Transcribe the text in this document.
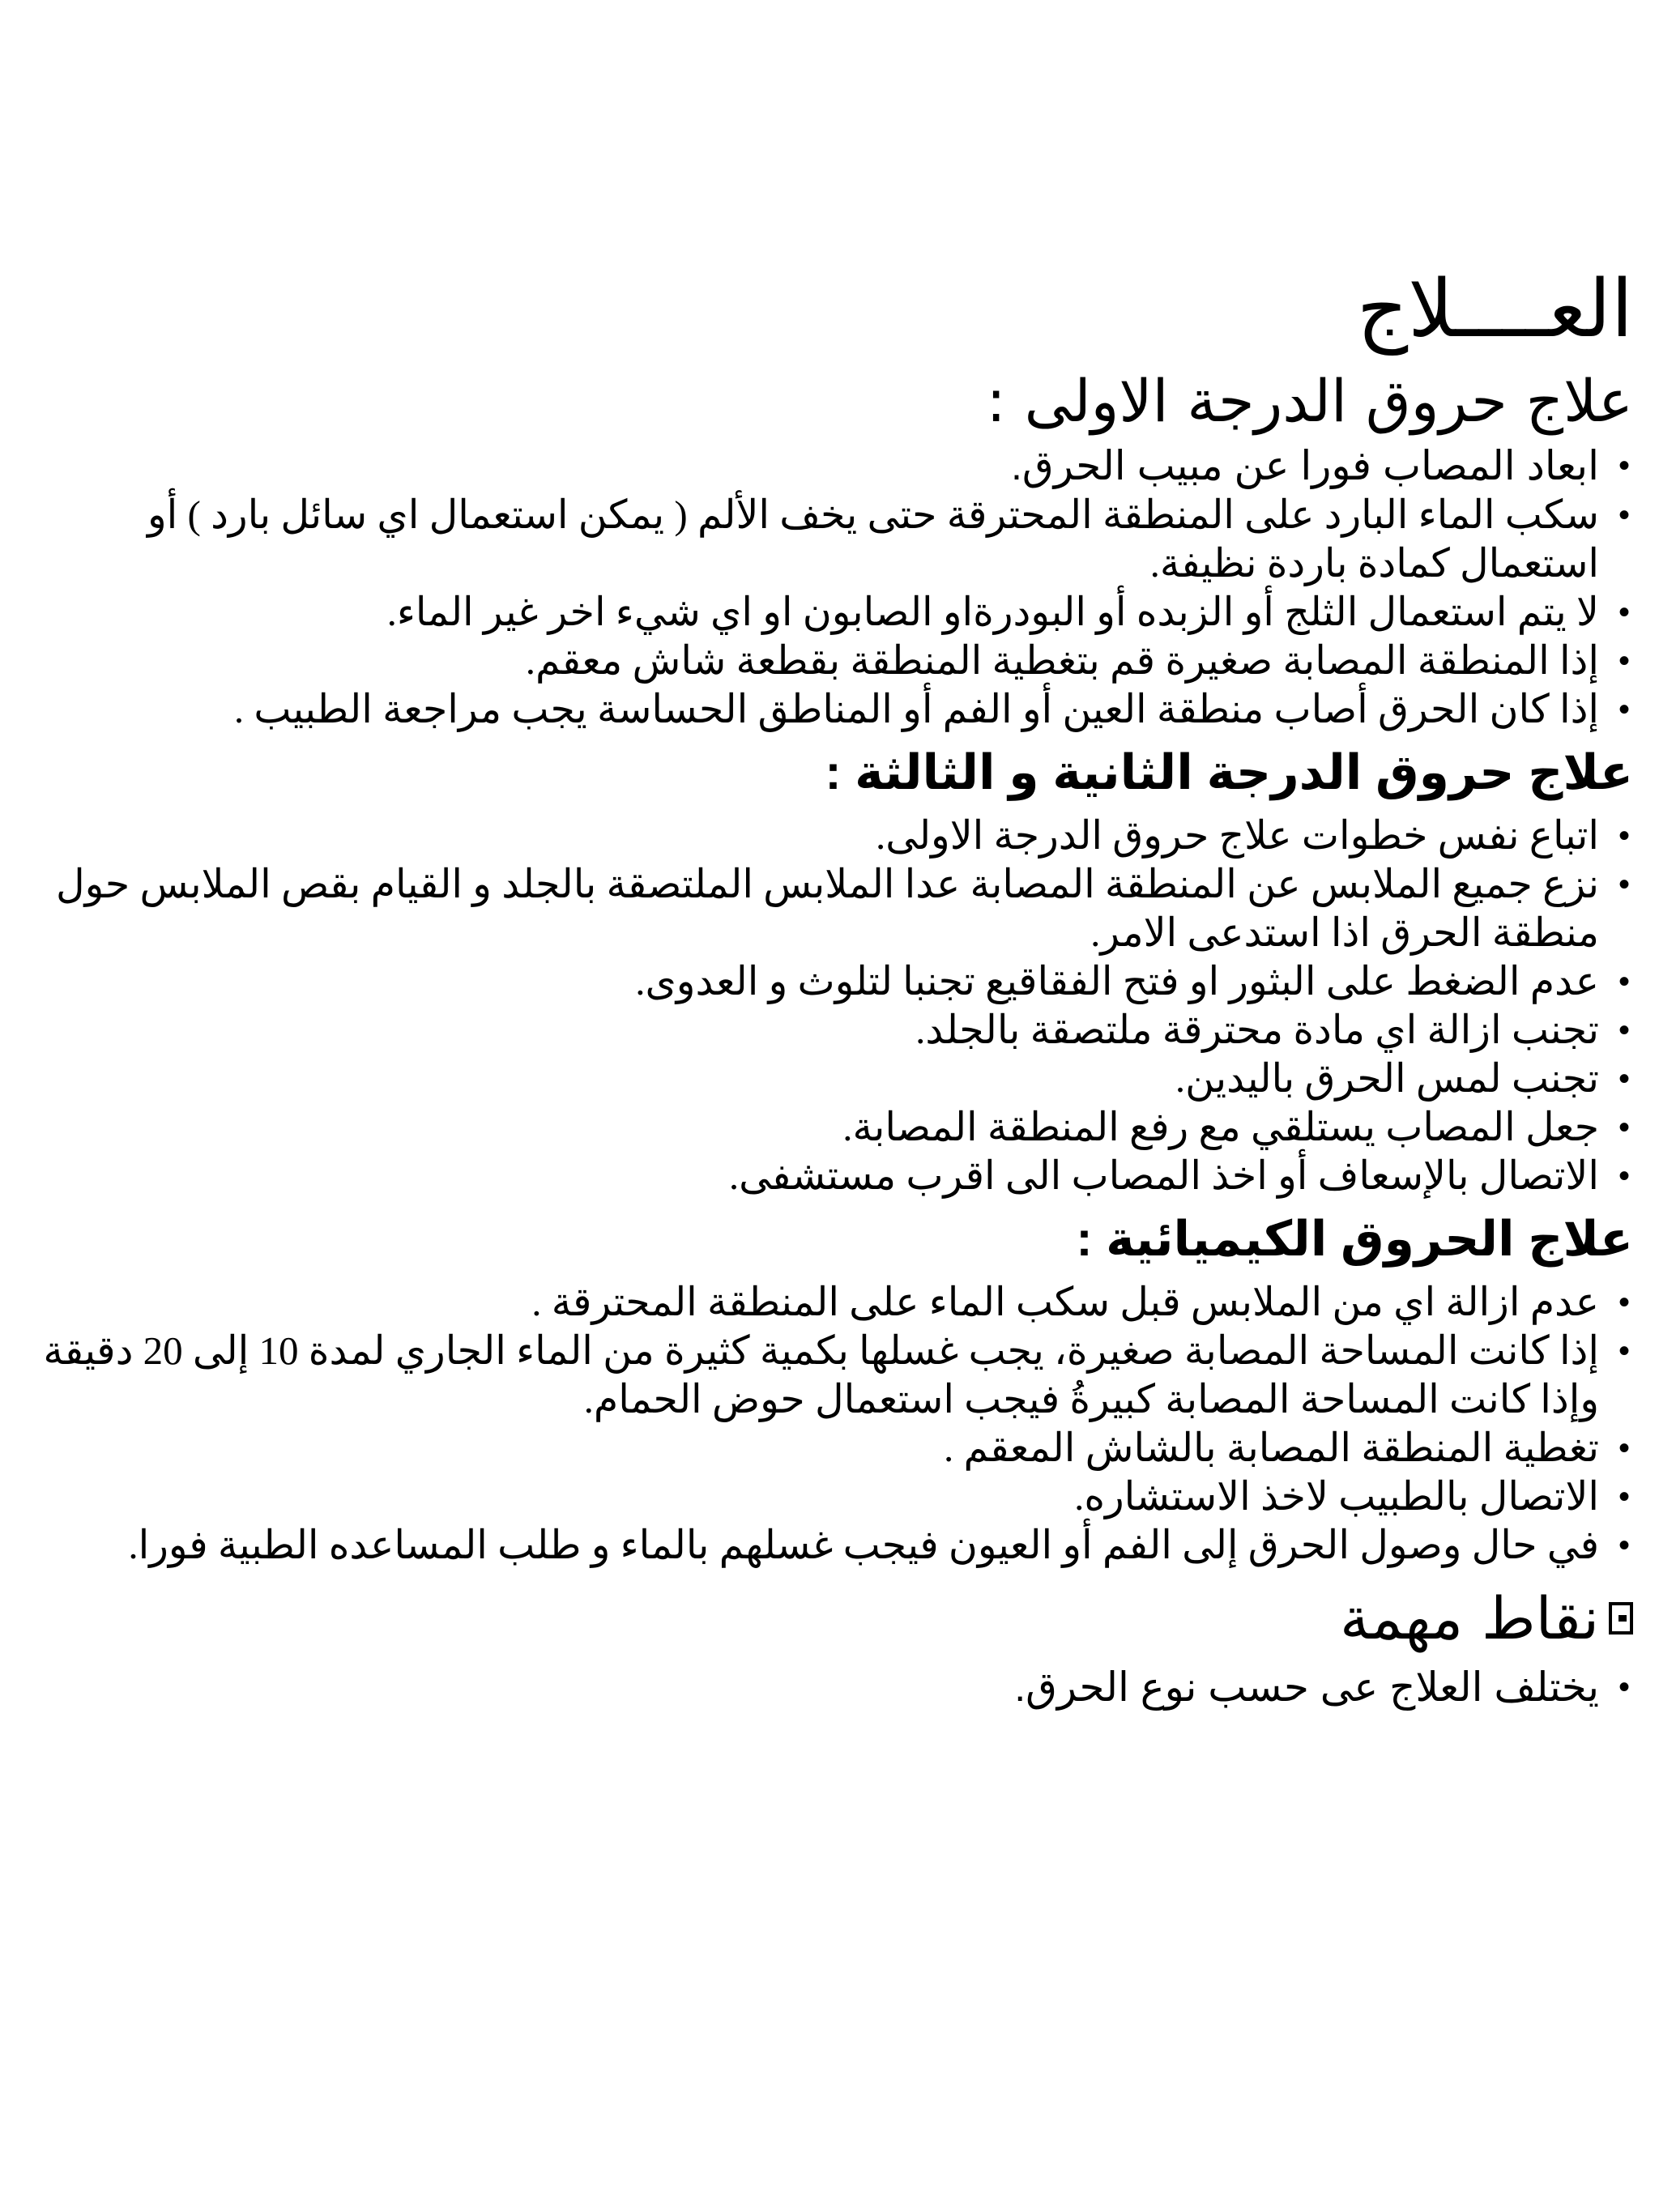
العــــلاج
علاج حروق الدرجة الاولى :
•
ابعاد المصاب فورا عن مبيب الحرق.
•
سكب الماء البارد على المنطقة المحترقة حتى يخف الألم ( يمكن استعمال اي سائل بارد ) أو استعمال كمادة باردة نظيفة.
•
لا يتم استعمال الثلج أو الزبده أو البودرةاو الصابون او اي شيء اخر غير الماء.
•
إذا المنطقة المصابة صغيرة قم بتغطية المنطقة بقطعة شاش معقم.
•
إذا كان الحرق أصاب منطقة العين أو الفم أو المناطق الحساسة يجب مراجعة الطبيب .
علاج حروق الدرجة الثانية و الثالثة :
•
اتباع نفس خطوات علاج حروق الدرجة الاولى.
•
نزع جميع الملابس عن المنطقة المصابة عدا الملابس الملتصقة بالجلد و القيام بقص الملابس حول منطقة الحرق اذا استدعى الامر.
•
عدم الضغط على البثور او فتح الفقاقيع تجنبا لتلوث و العدوى.
•
تجنب ازالة اي مادة محترقة ملتصقة بالجلد.
•
تجنب لمس الحرق باليدين.
•
جعل المصاب يستلقي مع رفع المنطقة المصابة.
•
الاتصال بالإسعاف أو اخذ المصاب الى اقرب مستشفى.
علاج الحروق الكيميائية :
•
عدم ازالة اي من الملابس قبل سكب الماء على المنطقة المحترقة .
•
إذا كانت المساحة المصابة صغيرة، يجب غسلها بكمية كثيرة من الماء الجاري لمدة 10 إلى 20 دقيقة وإذا كانت المساحة المصابة كبيرةُ فيجب استعمال حوض الحمام.
•
تغطية المنطقة المصابة بالشاش المعقم .
•
الاتصال بالطبيب لاخذ الاستشاره.
•
في حال وصول الحرق إلى الفم أو العيون فيجب غسلهم بالماء و طلب المساعده الطبية فورا.
نقاط مهمة
•
يختلف العلاج عى حسب نوع الحرق.
